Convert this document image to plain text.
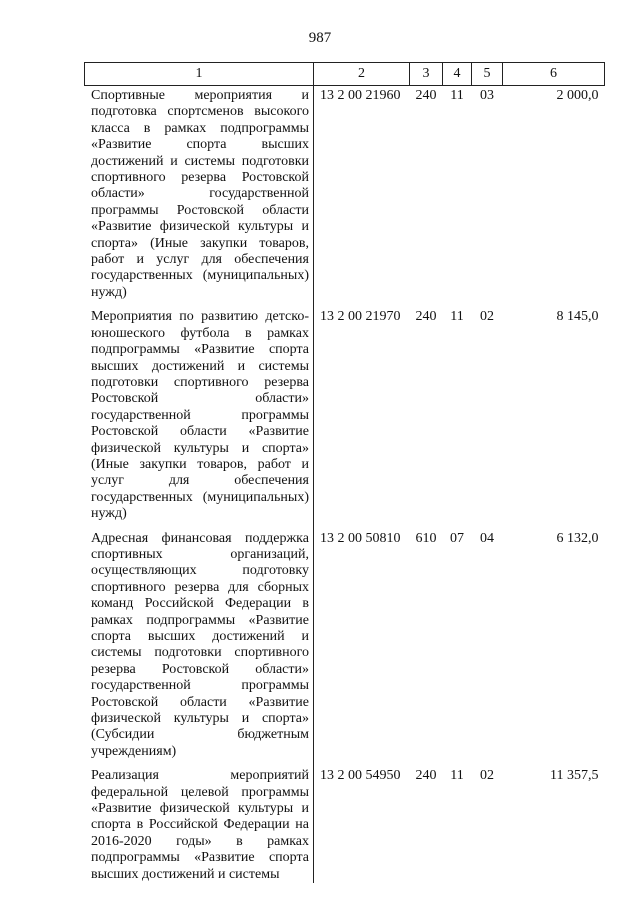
987
1	2	3	4	5	6
Спортивные мероприятия и подготовка спортсменов высокого класса в рамках подпрограммы «Развитие спорта высших достижений и системы подготовки спортивного резерва Ростовской области» государственной программы Ростовской области «Развитие физической культуры и спорта» (Иные закупки товаров, работ и услуг для обеспечения государственных (муниципальных) нужд)	13 2 00 21960	240	11	03	2 000,0
Мероприятия по развитию детско-юношеского футбола в рамках подпрограммы «Развитие спорта высших достижений и системы подготовки спортивного резерва Ростовской области» государственной программы Ростовской области «Развитие физической культуры и спорта» (Иные закупки товаров, работ и услуг для обеспечения государственных (муниципальных) нужд)	13 2 00 21970	240	11	02	8 145,0
Адресная финансовая поддержка спортивных организаций, осуществляющих подготовку спортивного резерва для сборных команд Российской Федерации в рамках подпрограммы «Развитие спорта высших достижений и системы подготовки спортивного резерва Ростовской области» государственной программы Ростовской области «Развитие физической культуры и спорта» (Субсидии бюджетным учреждениям)	13 2 00 50810	610	07	04	6 132,0
Реализация мероприятий федеральной целевой программы «Развитие физической культуры и спорта в Российской Федерации на 2016-2020 годы» в рамках подпрограммы «Развитие спорта высших достижений и системы	13 2 00 54950	240	11	02	11 357,5
